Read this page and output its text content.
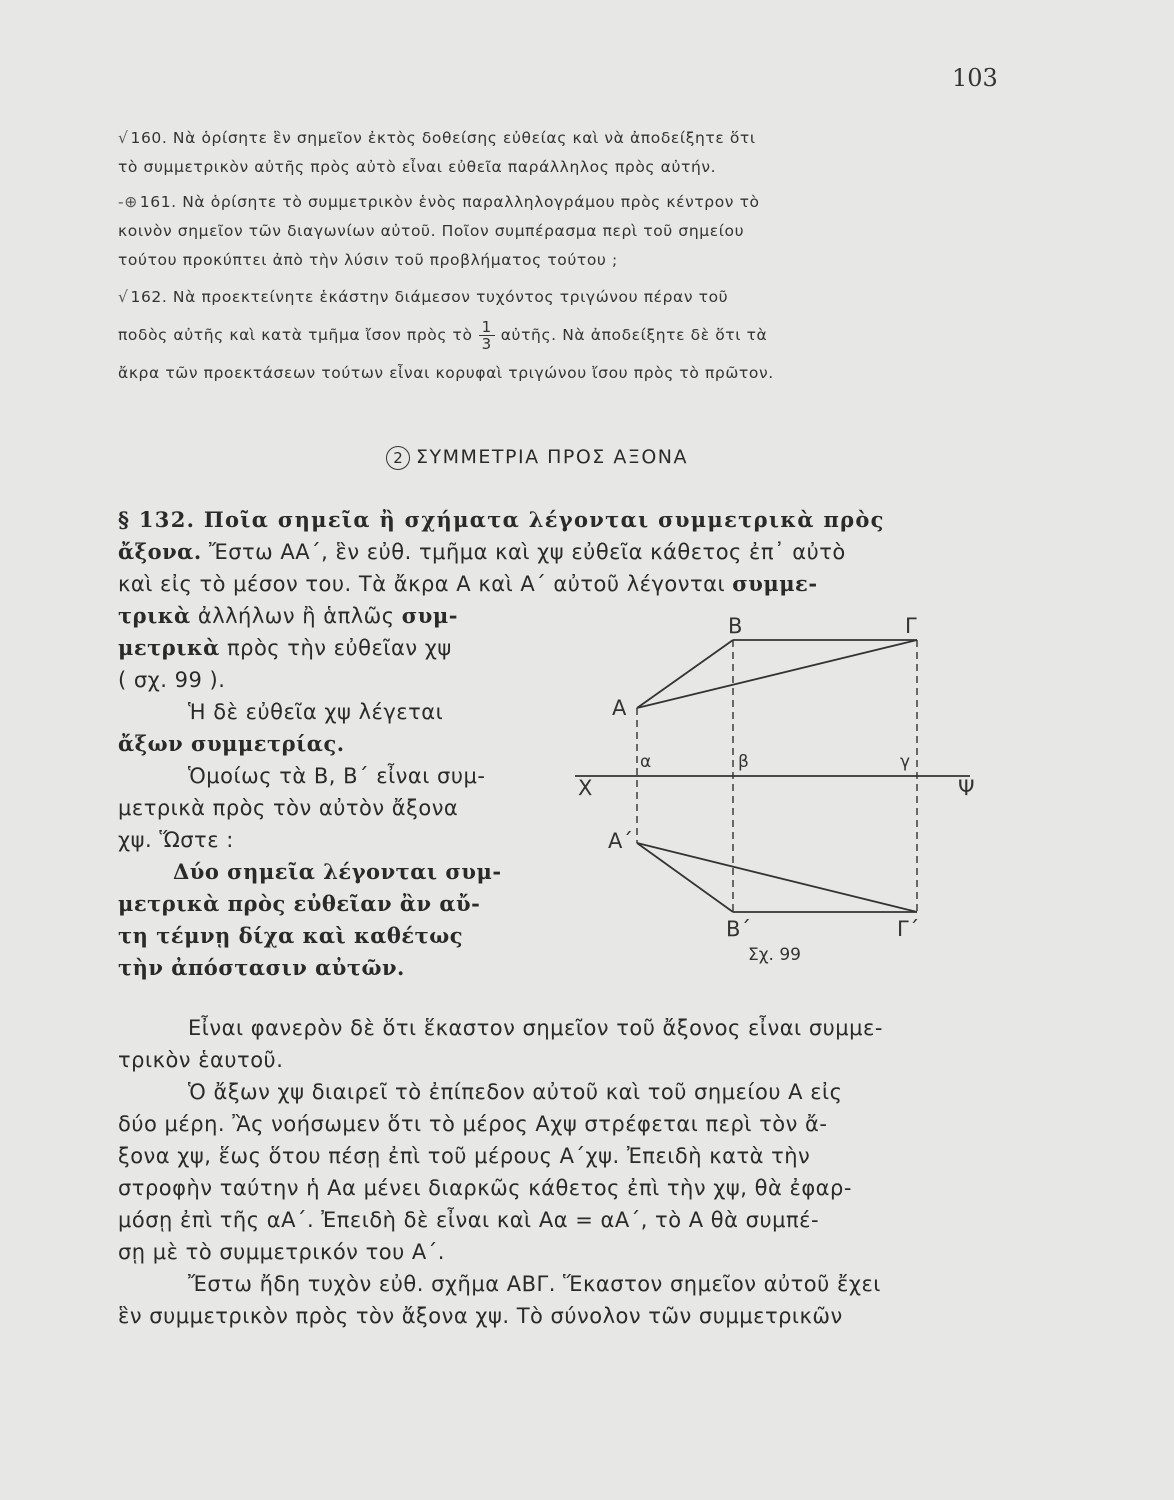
103
√ 160. Νὰ ὁρίσητε ἓν σημεῖον ἐκτὸς δοθείσης εὐθείας καὶ νὰ ἀποδείξητε ὅτι
τὸ συμμετρικὸν αὐτῆς πρὸς αὐτὸ εἶναι εὐθεῖα παράλληλος πρὸς αὐτήν.
-⊕ 161. Νὰ ὁρίσητε τὸ συμμετρικὸν ἑνὸς παραλληλογράμου πρὸς κέντρον τὸ
κοινὸν σημεῖον τῶν διαγωνίων αὐτοῦ. Ποῖον συμπέρασμα περὶ τοῦ σημείου
τούτου προκύπτει ἀπὸ τὴν λύσιν τοῦ προβλήματος τούτου ;
√ 162. Νὰ προεκτείνητε ἑκάστην διάμεσον τυχόντος τριγώνου πέραν τοῦ
ποδὸς αὐτῆς καὶ κατὰ τμῆμα ἴσον πρὸς τὸ $\frac{1}{3}$ αὐτῆς. Νὰ ἀποδείξητε δὲ ὅτι τὰ
ἄκρα τῶν προεκτάσεων τούτων εἶναι κορυφαὶ τριγώνου ἴσου πρὸς τὸ πρῶτον.
2 ΣΥΜΜΕΤΡΙΑ ΠΡΟΣ ΑΞΟΝΑ
§ 132. Ποῖα σημεῖα ἢ σχήματα λέγονται συμμετρικὰ πρὸς
ἄξονα. Ἔστω ΑΑ΄, ἓν εὐθ. τμῆμα καὶ χψ εὐθεῖα κάθετος ἐπ᾽ αὐτὸ
καὶ εἰς τὸ μέσον του. Τὰ ἄκρα Α καὶ Α΄ αὐτοῦ λέγονται συμμε-
τρικὰ ἀλλήλων ἢ ἁπλῶς συμ-
μετρικὰ πρὸς τὴν εὐθεῖαν χψ
( σχ. 99 ).
Ἡ δὲ εὐθεῖα χψ λέγεται
ἄξων συμμετρίας.
Ὁμοίως τὰ Β, Β΄ εἶναι συμ-
μετρικὰ πρὸς τὸν αὐτὸν ἄξονα
χψ. Ὥστε :
Δύο σημεῖα λέγονται συμ-
μετρικὰ πρὸς εὐθεῖαν ἂν αὔ-
τη τέμνῃ δίχα καὶ καθέτως
τὴν ἀπόστασιν αὐτῶν.
Β	Γ
Α
α	β	γ
Χ	Ψ
Α΄
Β΄	Γ΄
Σχ. 99
Εἶναι φανερὸν δὲ ὅτι ἕκαστον σημεῖον τοῦ ἄξονος εἶναι συμμε-
τρικὸν ἑαυτοῦ.
Ὁ ἄξων χψ διαιρεῖ τὸ ἐπίπεδον αὐτοῦ καὶ τοῦ σημείου Α εἰς
δύο μέρη. Ἂς νοήσωμεν ὅτι τὸ μέρος Αχψ στρέφεται περὶ τὸν ἄ-
ξονα χψ, ἕως ὅτου πέσῃ ἐπὶ τοῦ μέρους Α΄χψ. Ἐπειδὴ κατὰ τὴν
στροφὴν ταύτην ἡ Αα μένει διαρκῶς κάθετος ἐπὶ τὴν χψ, θὰ ἐφαρ-
μόσῃ ἐπὶ τῆς αΑ΄. Ἐπειδὴ δὲ εἶναι καὶ Αα = αΑ΄, τὸ Α θὰ συμπέ-
σῃ μὲ τὸ συμμετρικόν του Α΄.
Ἔστω ἤδη τυχὸν εὐθ. σχῆμα ΑΒΓ. Ἕκαστον σημεῖον αὐτοῦ ἔχει
ἓν συμμετρικὸν πρὸς τὸν ἄξονα χψ. Τὸ σύνολον τῶν συμμετρικῶν
